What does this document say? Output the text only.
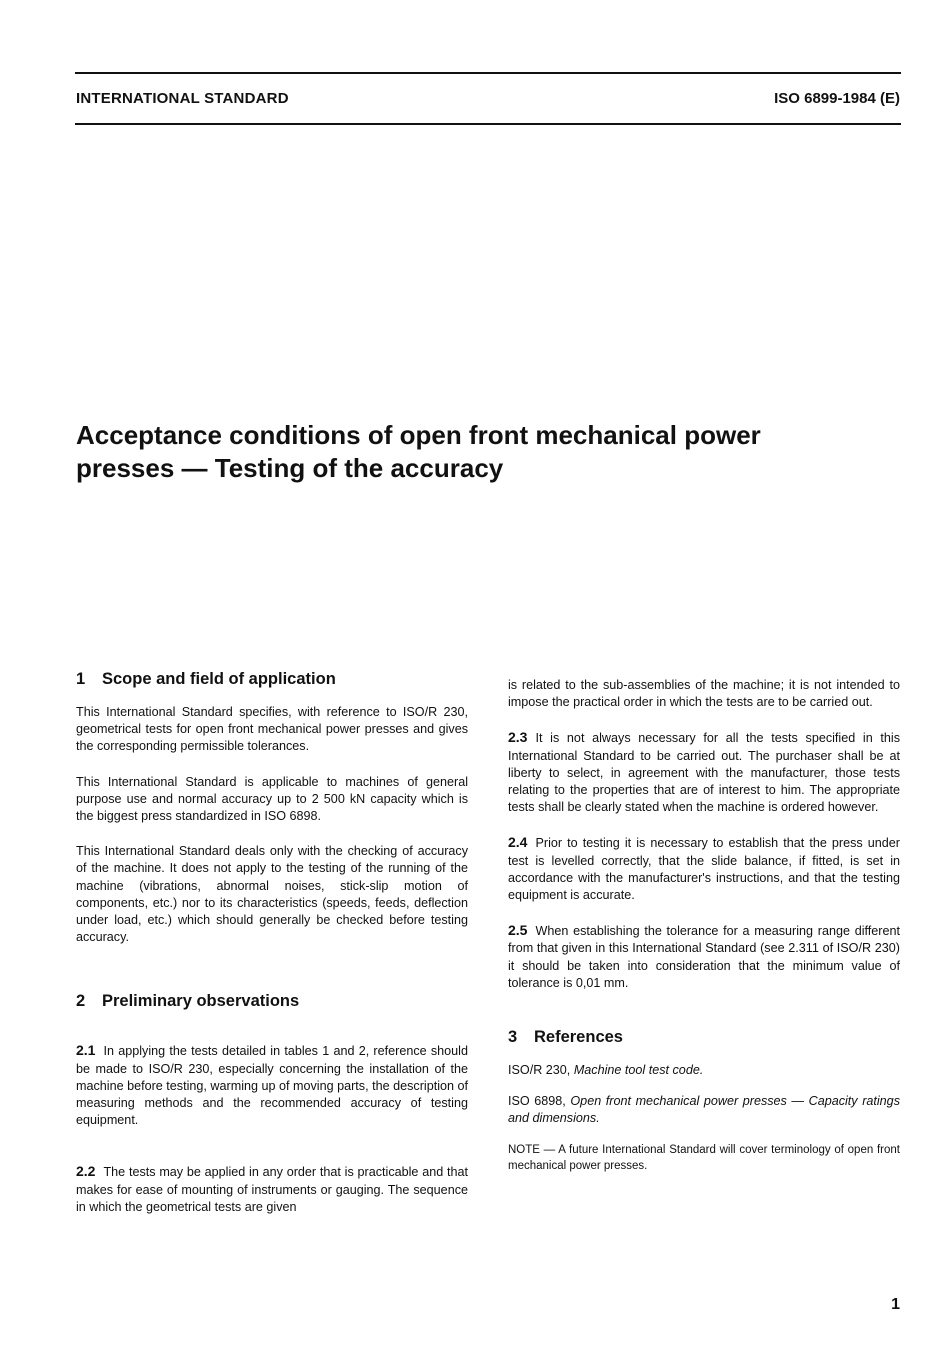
INTERNATIONAL STANDARD	ISO 6899-1984 (E)
Acceptance conditions of open front mechanical power
presses — Testing of the accuracy
1 Scope and field of application

This International Standard specifies, with reference to ISO/R 230, geometrical tests for open front mechanical power presses and gives the corresponding permissible tolerances.

This International Standard is applicable to machines of general purpose use and normal accuracy up to 2 500 kN capacity which is the biggest press standardized in ISO 6898.

This International Standard deals only with the checking of accuracy of the machine. It does not apply to the testing of the running of the machine (vibrations, abnormal noises, stick-slip motion of components, etc.) nor to its characteristics (speeds, feeds, deflection under load, etc.) which should generally be checked before testing accuracy.

2 Preliminary observations

2.1 In applying the tests detailed in tables 1 and 2, reference should be made to ISO/R 230, especially concerning the installation of the machine before testing, warming up of moving parts, the description of measuring methods and the recommended accuracy of testing equipment.

2.2 The tests may be applied in any order that is practicable and that makes for ease of mounting of instruments or gauging. The sequence in which the geometrical tests are given

is related to the sub-assemblies of the machine; it is not intended to impose the practical order in which the tests are to be carried out.

2.3 It is not always necessary for all the tests specified in this International Standard to be carried out. The purchaser shall be at liberty to select, in agreement with the manufacturer, those tests relating to the properties that are of interest to him. The appropriate tests shall be clearly stated when the machine is ordered however.

2.4 Prior to testing it is necessary to establish that the press under test is levelled correctly, that the slide balance, if fitted, is set in accordance with the manufacturer's instructions, and that the testing equipment is accurate.

2.5 When establishing the tolerance for a measuring range different from that given in this International Standard (see 2.311 of ISO/R 230) it should be taken into consideration that the minimum value of tolerance is 0,01 mm.

3 References

ISO/R 230, Machine tool test code.

ISO 6898, Open front mechanical power presses — Capacity ratings and dimensions.

NOTE — A future International Standard will cover terminology of open front mechanical power presses.

1
